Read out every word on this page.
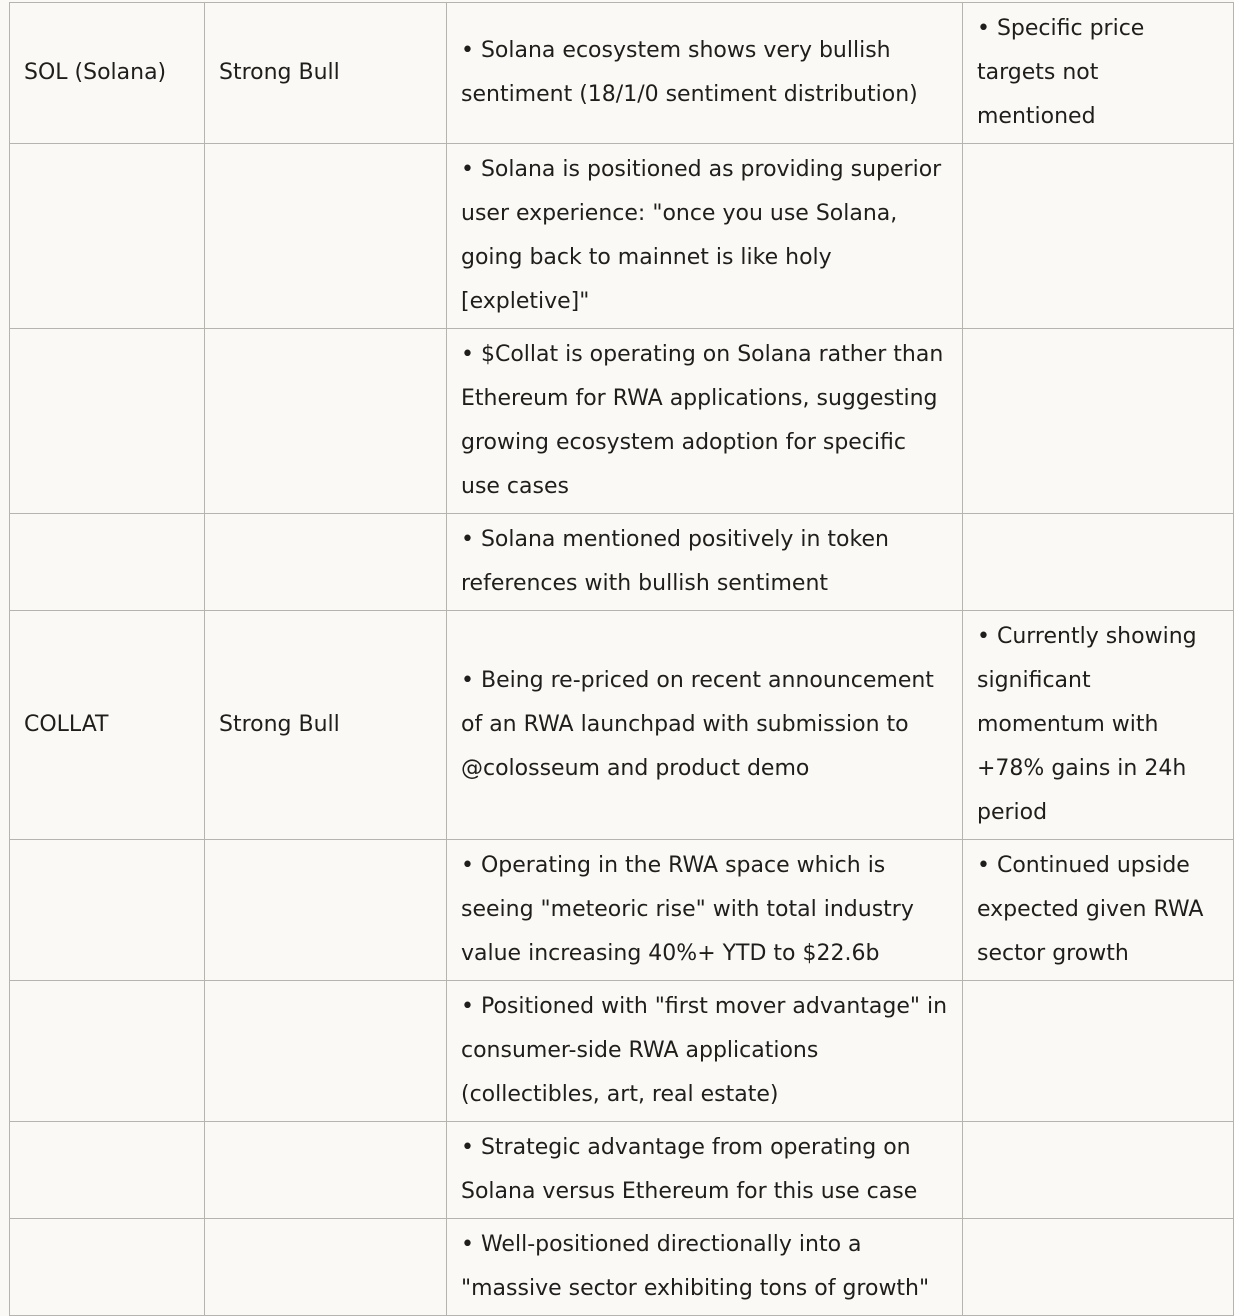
SOL (Solana)	Strong Bull	• Solana ecosystem shows very bullish sentiment (18/1/0 sentiment distribution)	• Specific price targets not mentioned
		• Solana is positioned as providing superior user experience: "once you use Solana, going back to mainnet is like holy [expletive]"	
		• $Collat is operating on Solana rather than Ethereum for RWA applications, suggesting growing ecosystem adoption for specific use cases	
		• Solana mentioned positively in token references with bullish sentiment	
COLLAT	Strong Bull	• Being re-priced on recent announcement of an RWA launchpad with submission to @colosseum and product demo	• Currently showing significant momentum with +78% gains in 24h period
		• Operating in the RWA space which is seeing "meteoric rise" with total industry value increasing 40%+ YTD to $22.6b	• Continued upside expected given RWA sector growth
		• Positioned with "first mover advantage" in consumer-side RWA applications (collectibles, art, real estate)	
		• Strategic advantage from operating on Solana versus Ethereum for this use case	
		• Well-positioned directionally into a "massive sector exhibiting tons of growth"	
